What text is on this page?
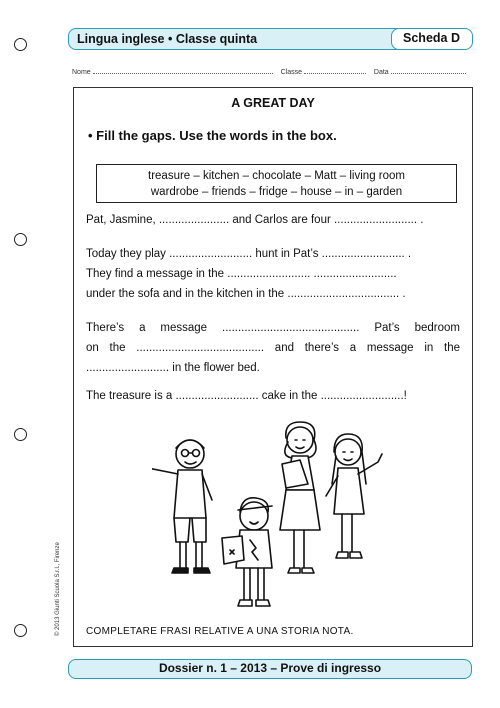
Lingua inglese • Classe quinta	Scheda D
Nome	Classe	Data
A GREAT DAY
• Fill the gaps. Use the words in the box.
treasure – kitchen – chocolate – Matt – living room
wardrobe – friends – fridge – house – in – garden
Pat, Jasmine, ...................... and Carlos are four .......................... .
Today they play .......................... hunt in Pat’s .......................... .
They find a message in the .......................... ..........................
under the sofa and in the kitchen in the ................................... .
There’s a message ........................................... Pat’s bedroom
on the ........................................ and there’s a message in the
.......................... in the flower bed.
The treasure is a .......................... cake in the ..........................!
COMPLETARE FRASI RELATIVE A UNA STORIA NOTA.
© 2013 Giunti Scuola S.r.l., Firenze
Dossier n. 1 – 2013 – Prove di ingresso
